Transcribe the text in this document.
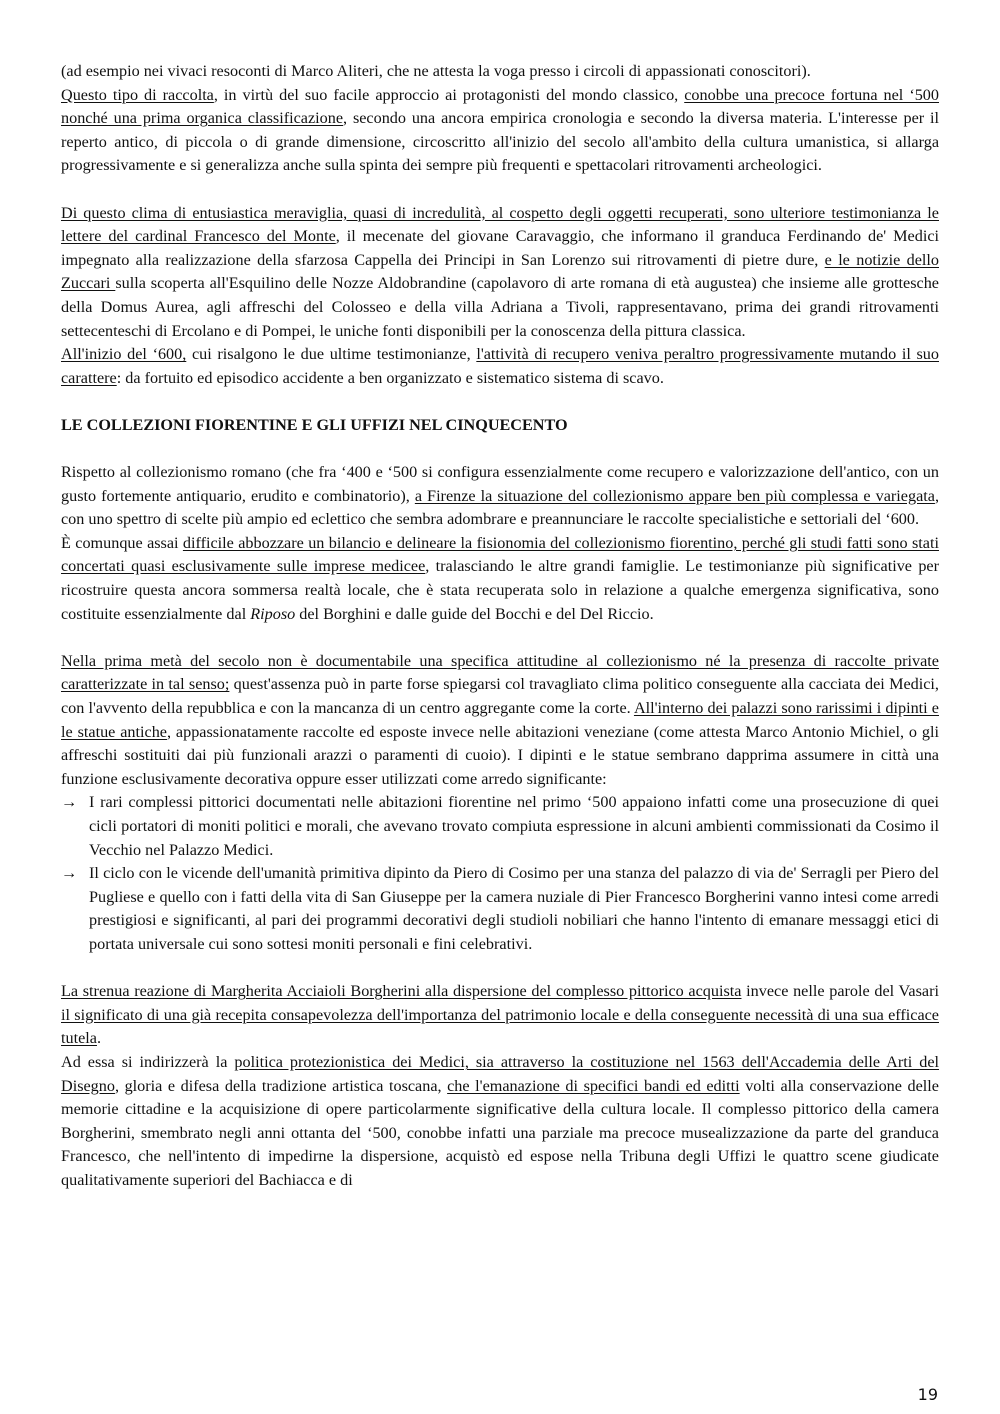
(ad esempio nei vivaci resoconti di Marco Aliteri, che ne attesta la voga presso i circoli di appassionati conoscitori).
Questo tipo di raccolta, in virtù del suo facile approccio ai protagonisti del mondo classico, conobbe una precoce fortuna nel ‘500 nonché una prima organica classificazione, secondo una ancora empirica cronologia e secondo la diversa materia. L'interesse per il reperto antico, di piccola o di grande dimensione, circoscritto all'inizio del secolo all'ambito della cultura umanistica, si allarga progressivamente e si generalizza anche sulla spinta dei sempre più frequenti e spettacolari ritrovamenti archeologici.

Di questo clima di entusiastica meraviglia, quasi di incredulità, al cospetto degli oggetti recuperati, sono ulteriore testimonianza le lettere del cardinal Francesco del Monte, il mecenate del giovane Caravaggio, che informano il granduca Ferdinando de' Medici impegnato alla realizzazione della sfarzosa Cappella dei Principi in San Lorenzo sui ritrovamenti di pietre dure, e le notizie dello Zuccari sulla scoperta all'Esquilino delle Nozze Aldobrandine (capolavoro di arte romana di età augustea) che insieme alle grottesche della Domus Aurea, agli affreschi del Colosseo e della villa Adriana a Tivoli, rappresentavano, prima dei grandi ritrovamenti settecenteschi di Ercolano e di Pompei, le uniche fonti disponibili per la conoscenza della pittura classica.

All'inizio del ‘600, cui risalgono le due ultime testimonianze, l'attività di recupero veniva peraltro progressivamente mutando il suo carattere: da fortuito ed episodico accidente a ben organizzato e sistematico sistema di scavo.

LE COLLEZIONI FIORENTINE E GLI UFFIZI NEL CINQUECENTO

Rispetto al collezionismo romano (che fra ‘400 e ‘500 si configura essenzialmente come recupero e valorizzazione dell'antico, con un gusto fortemente antiquario, erudito e combinatorio), a Firenze la situazione del collezionismo appare ben più complessa e variegata, con uno spettro di scelte più ampio ed eclettico che sembra adombrare e preannunciare le raccolte specialistiche e settoriali del ‘600.

È comunque assai difficile abbozzare un bilancio e delineare la fisionomia del collezionismo fiorentino, perché gli studi fatti sono stati concertati quasi esclusivamente sulle imprese medicee, tralasciando le altre grandi famiglie. Le testimonianze più significative per ricostruire questa ancora sommersa realtà locale, che è stata recuperata solo in relazione a qualche emergenza significativa, sono costituite essenzialmente dal Riposo del Borghini e dalle guide del Bocchi e del Del Riccio.

Nella prima metà del secolo non è documentabile una specifica attitudine al collezionismo né la presenza di raccolte private caratterizzate in tal senso; quest'assenza può in parte forse spiegarsi col travagliato clima politico conseguente alla cacciata dei Medici, con l'avvento della repubblica e con la mancanza di un centro aggregante come la corte. All'interno dei palazzi sono rarissimi i dipinti e le statue antiche, appassionatamente raccolte ed esposte invece nelle abitazioni veneziane (come attesta Marco Antonio Michiel, o gli affreschi sostituiti dai più funzionali arazzi o paramenti di cuoio). I dipinti e le statue sembrano dapprima assumere in città una funzione esclusivamente decorativa oppure esser utilizzati come arredo significante:

→ I rari complessi pittorici documentati nelle abitazioni fiorentine nel primo ‘500 appaiono infatti come una prosecuzione di quei cicli portatori di moniti politici e morali, che avevano trovato compiuta espressione in alcuni ambienti commissionati da Cosimo il Vecchio nel Palazzo Medici.
→ Il ciclo con le vicende dell'umanità primitiva dipinto da Piero di Cosimo per una stanza del palazzo di via de' Serragli per Piero del Pugliese e quello con i fatti della vita di San Giuseppe per la camera nuziale di Pier Francesco Borgherini vanno intesi come arredi prestigiosi e significanti, al pari dei programmi decorativi degli studioli nobiliari che hanno l'intento di emanare messaggi etici di portata universale cui sono sottesi moniti personali e fini celebrativi.

La strenua reazione di Margherita Acciaioli Borgherini alla dispersione del complesso pittorico acquista invece nelle parole del Vasari il significato di una già recepita consapevolezza dell'importanza del patrimonio locale e della conseguente necessità di una sua efficace tutela.

Ad essa si indirizzerà la politica protezionistica dei Medici, sia attraverso la costituzione nel 1563 dell'Accademia delle Arti del Disegno, gloria e difesa della tradizione artistica toscana, che l'emanazione di specifici bandi ed editti volti alla conservazione delle memorie cittadine e la acquisizione di opere particolarmente significative della cultura locale. Il complesso pittorico della camera Borgherini, smembrato negli anni ottanta del ‘500, conobbe infatti una parziale ma precoce musealizzazione da parte del granduca Francesco, che nell'intento di impedirne la dispersione, acquistò ed espose nella Tribuna degli Uffizi le quattro scene giudicate qualitativamente superiori del Bachiacca e di

19
